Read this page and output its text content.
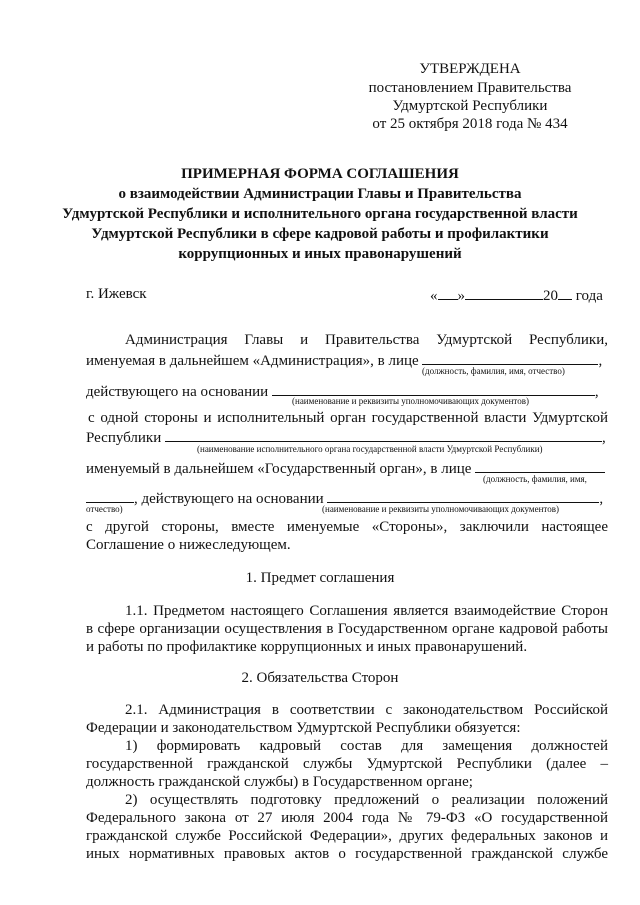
УТВЕРЖДЕНА
постановлением Правительства
Удмуртской Республики
от 25 октября 2018 года № 434
ПРИМЕРНАЯ ФОРМА СОГЛАШЕНИЯ
о взаимодействии Администрации Главы и Правительства
Удмуртской Республики и исполнительного органа государственной власти
Удмуртской Республики в сфере кадровой работы и профилактики
коррупционных и иных правонарушений
г. Ижевск	« »	20 года
Администрация Главы и Правительства Удмуртской Республики,
именуемая в дальнейшем «Администрация», в лице	,
(должность, фамилия, имя, отчество)
действующего на основании	,
(наименование и реквизиты уполномочивающих документов)
с одной стороны и исполнительный орган государственной власти Удмуртской
Республики	,
(наименование исполнительного органа государственной власти Удмуртской Республики)
именуемый в дальнейшем «Государственный орган», в лице
(должность, фамилия, имя,
, действующего на основании	,
отчество)	(наименование и реквизиты уполномочивающих документов)
с другой стороны, вместе именуемые «Стороны», заключили настоящее
Соглашение о нижеследующем.
1. Предмет соглашения
1.1. Предметом настоящего Соглашения является взаимодействие Сторон
в сфере организации осуществления в Государственном органе кадровой работы
и работы по профилактике коррупционных и иных правонарушений.
2. Обязательства Сторон
2.1. Администрация в соответствии с законодательством Российской
Федерации и законодательством Удмуртской Республики обязуется:
1) формировать кадровый состав для замещения должностей
государственной гражданской службы Удмуртской Республики (далее –
должность гражданской службы) в Государственном органе;
2) осуществлять подготовку предложений о реализации положений
Федерального закона от 27 июля 2004 года № 79-ФЗ «О государственной
гражданской службе Российской Федерации», других федеральных законов и
иных нормативных правовых актов о государственной гражданской службе
